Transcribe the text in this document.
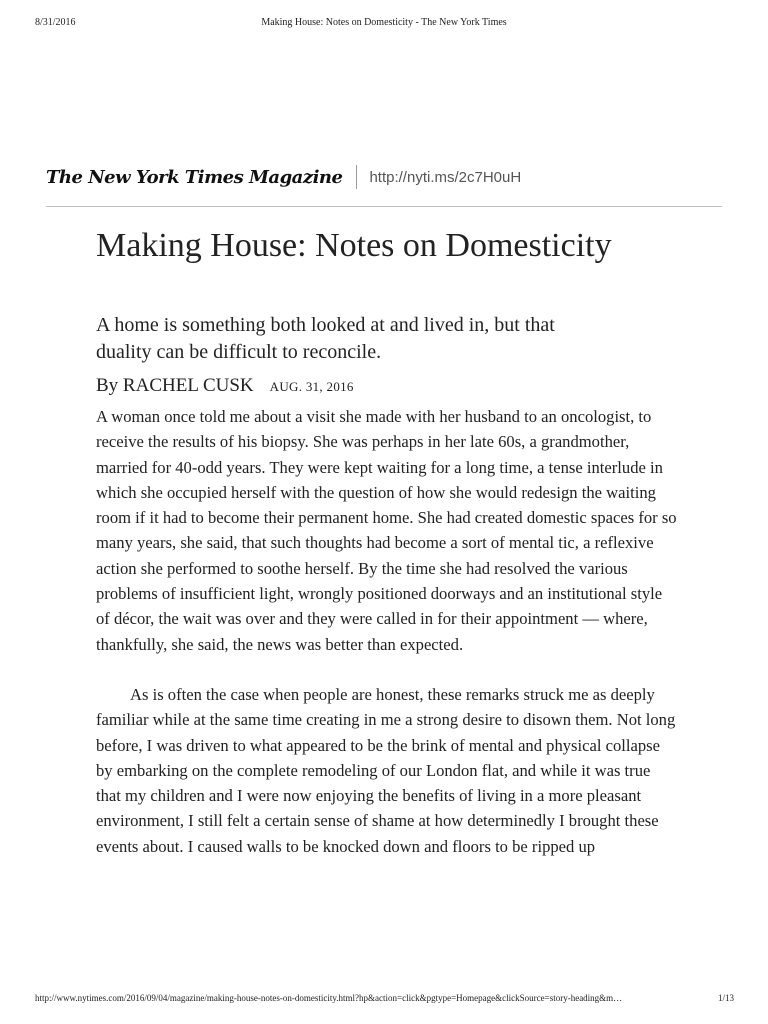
8/31/2016	Making House: Notes on Domesticity - The New York Times
The New York Times Magazine http://nyti.ms/2c7H0uH
Making House: Notes on Domesticity

A home is something both looked at and lived in, but that duality can be difficult to reconcile.

By RACHEL CUSK AUG. 31, 2016

A woman once told me about a visit she made with her husband to an oncologist, to receive the results of his biopsy. She was perhaps in her late 60s, a grandmother, married for 40-odd years. They were kept waiting for a long time, a tense interlude in which she occupied herself with the question of how she would redesign the waiting room if it had to become their permanent home. She had created domestic spaces for so many years, she said, that such thoughts had become a sort of mental tic, a reflexive action she performed to soothe herself. By the time she had resolved the various problems of insufficient light, wrongly positioned doorways and an institutional style of décor, the wait was over and they were called in for their appointment — where, thankfully, she said, the news was better than expected.

As is often the case when people are honest, these remarks struck me as deeply familiar while at the same time creating in me a strong desire to disown them. Not long before, I was driven to what appeared to be the brink of mental and physical collapse by embarking on the complete remodeling of our London flat, and while it was true that my children and I were now enjoying the benefits of living in a more pleasant environment, I still felt a certain sense of shame at how determinedly I brought these events about. I caused walls to be knocked down and floors to be ripped up

http://www.nytimes.com/2016/09/04/magazine/making-house-notes-on-domesticity.html?hp&action=click&pgtype=Homepage&clickSource=story-heading&m…	1/13
